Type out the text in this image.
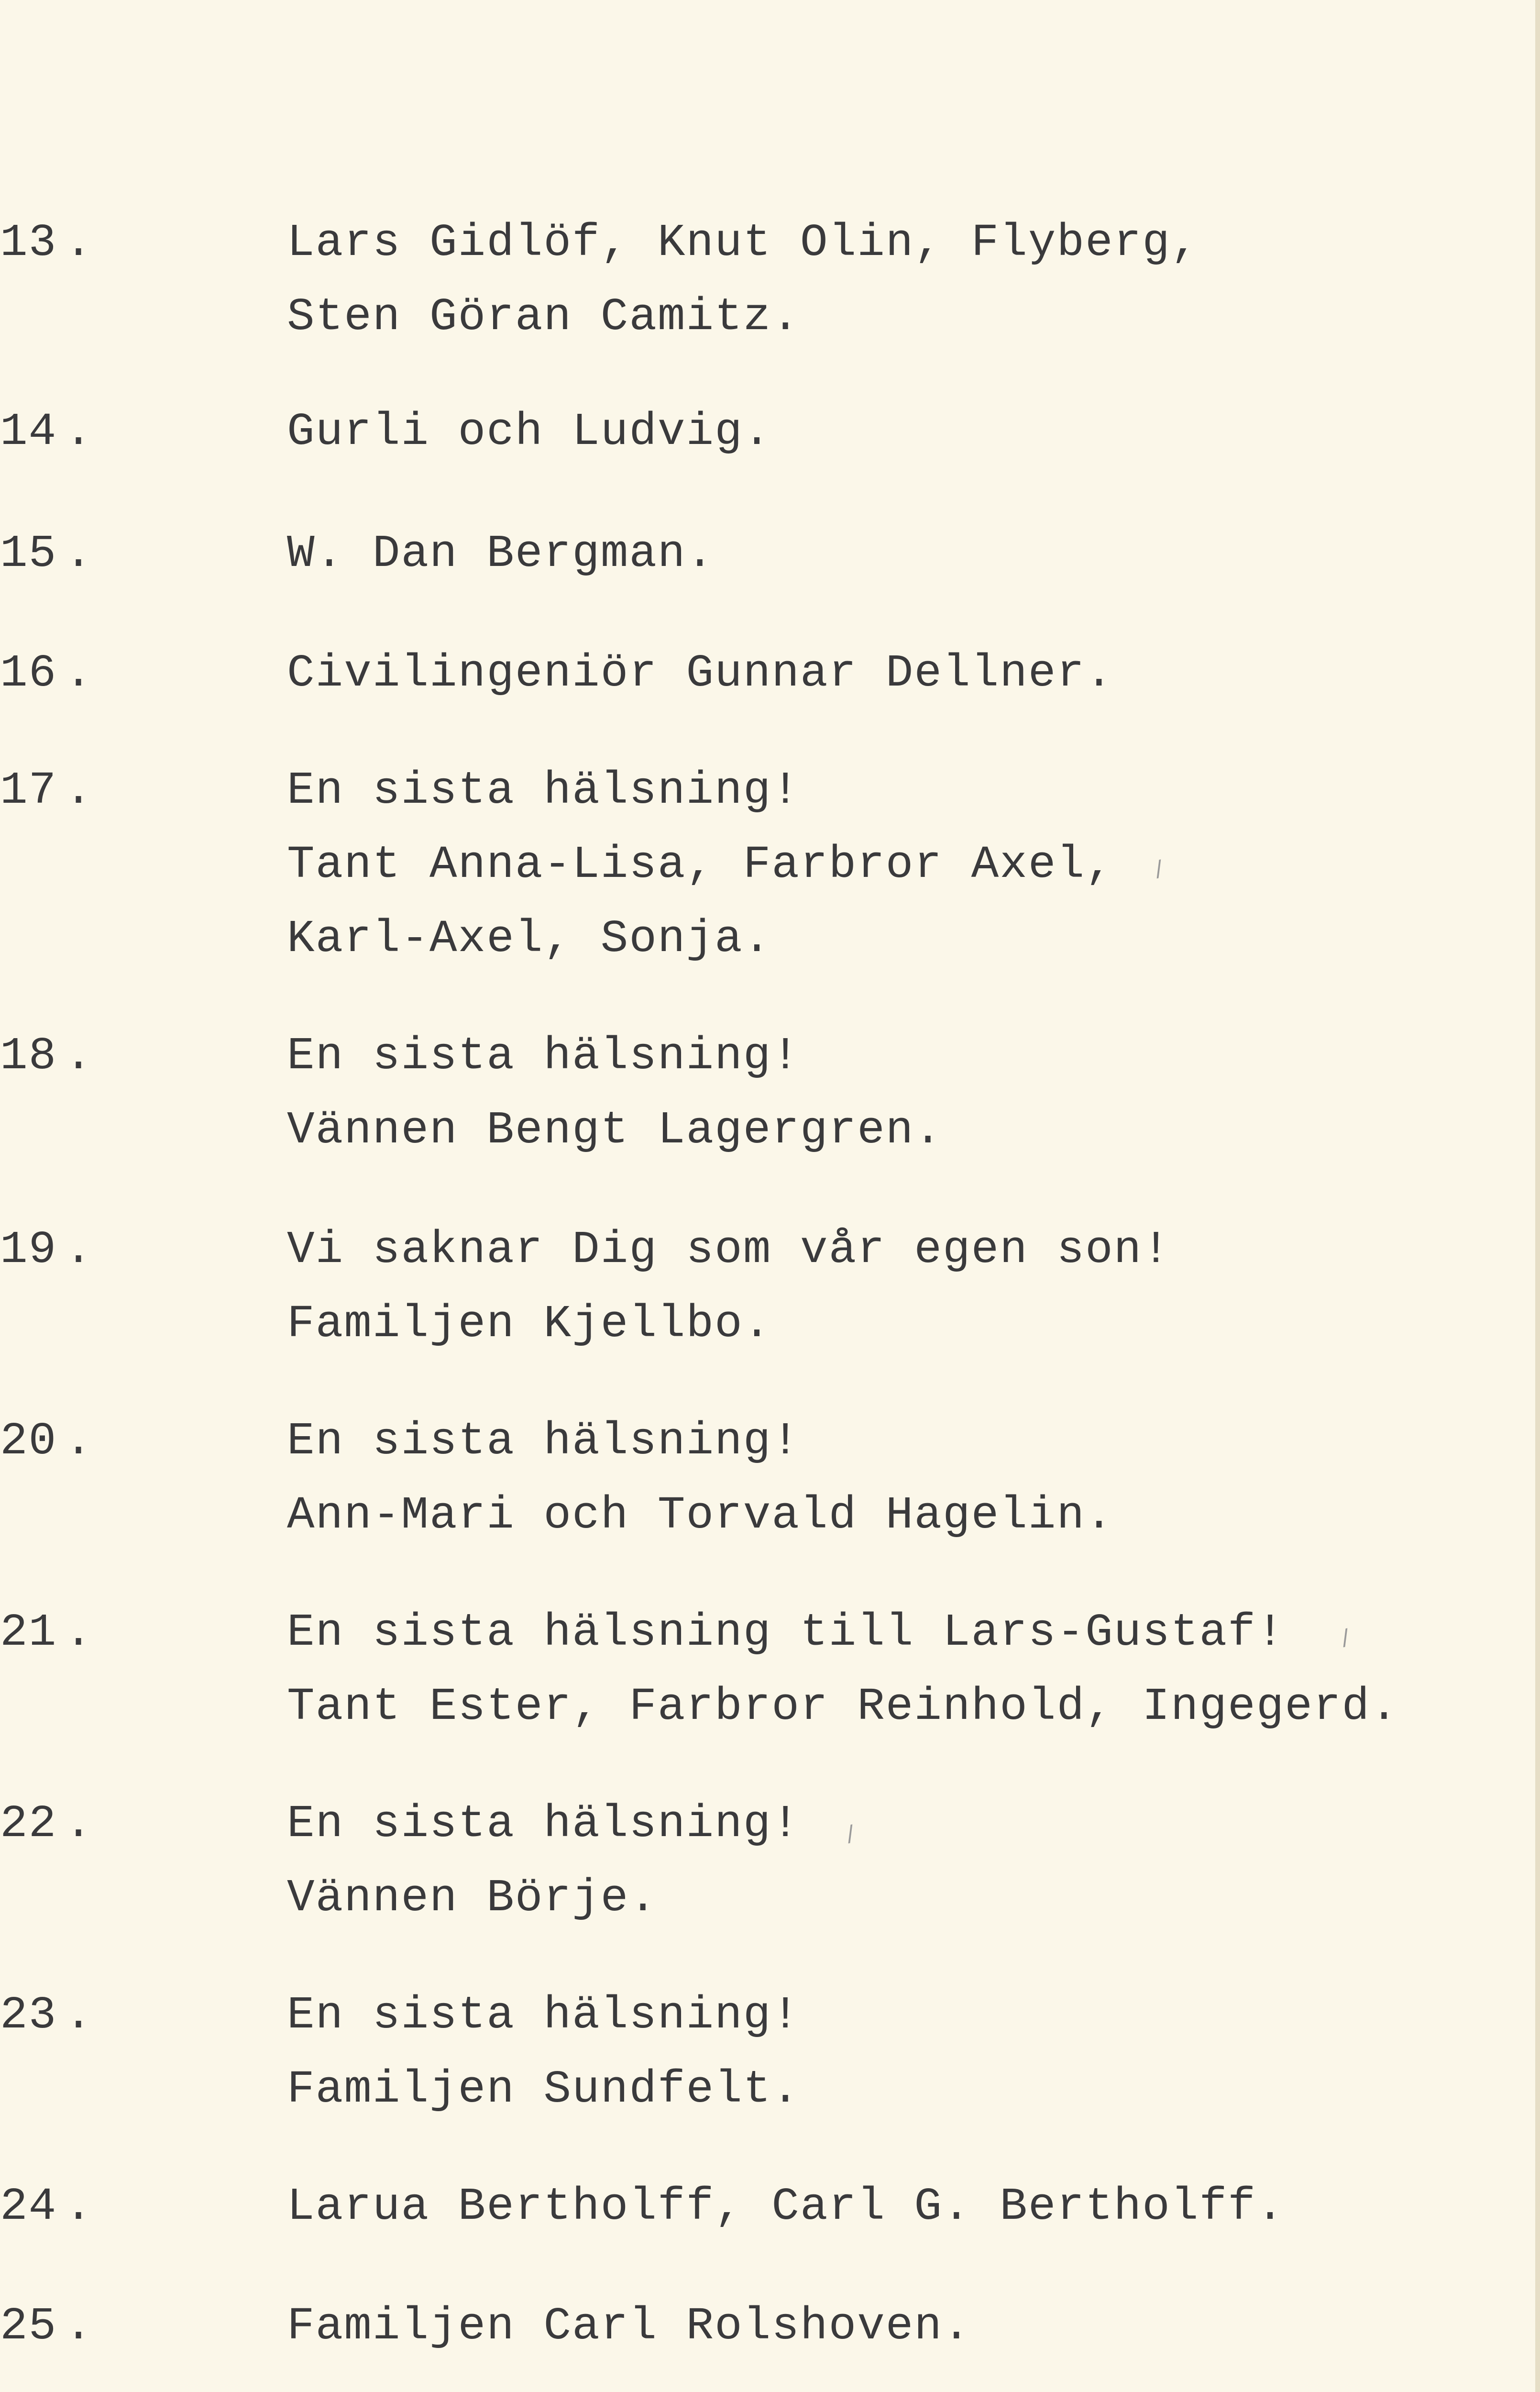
13 .	Lars Gidlöf, Knut Olin, Flyberg,
Sten Göran Camitz.
14 .	Gurli och Ludvig.
15 .	W. Dan Bergman.
16 .	Civilingeniör Gunnar Dellner.
17 .	En sista hälsning!
Tant Anna-Lisa, Farbror Axel,
Karl-Axel, Sonja.
18 .	En sista hälsning!
Vännen Bengt Lagergren.
19 .	Vi saknar Dig som vår egen son!
Familjen Kjellbo.
20 .	En sista hälsning!
Ann-Mari och Torvald Hagelin.
21 .	En sista hälsning till Lars-Gustaf!
Tant Ester, Farbror Reinhold, Ingegerd.
22 .	En sista hälsning!
Vännen Börje.
23 .	En sista hälsning!
Familjen Sundfelt.
24 .	Larua Bertholff, Carl G. Bertholff.
25 .	Familjen Carl Rolshoven.
∕
∕
∕
